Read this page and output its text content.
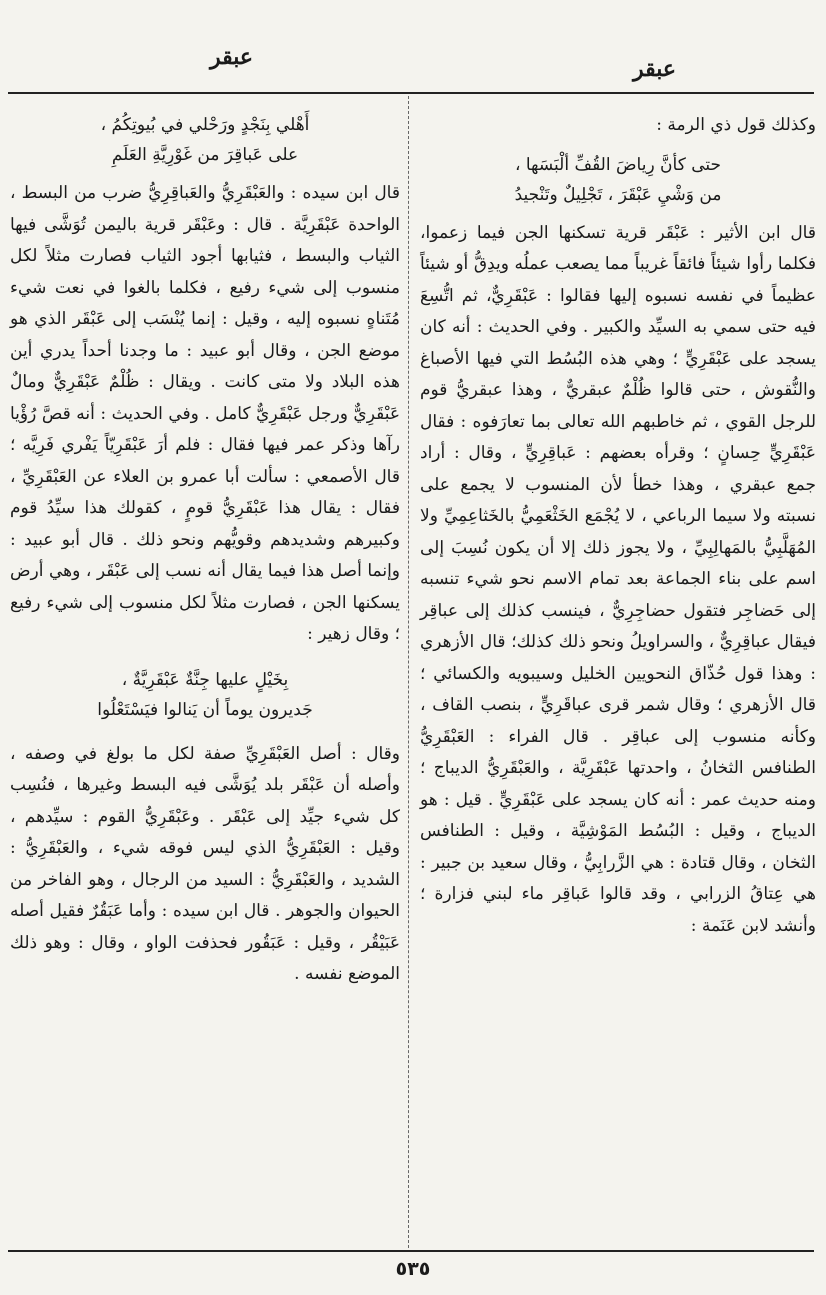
عبقر	عبقر

وكذلك قول ذي الرمة :

حتى كأنَّ رِياضَ القُفِّ ألْبَسَها ،
من وَشْيِ عَبْقَرَ ، تَجْلِيلٌ وتَنْجيدُ

قال ابن الأثير : عَبْقَر قرية تسكنها الجن فيما زعموا، فكلما رأوا شيئاً فائقاً غريباً مما يصعب عملُه ويدِقُّ أو شيئاً عظيماً في نفسه نسبوه إليها فقالوا : عَبْقَرِيٌّ، ثم اتُّسِعَ فيه حتى سمي به السيِّد والكبير . وفي الحديث : أنه كان يسجد على عَبْقَرِيٍّ ؛ وهي هذه البُسُط التي فيها الأصباغ والنُّقوش ، حتى قالوا ظُلْمٌ عبقريٌّ ، وهذا عبقريُّ قوم للرجل القوي ، ثم خاطبهم الله تعالى بما تعارَفوه : فقال عَبْقَرِيٍّ حِسانٍ ؛ وقرأه بعضهم : عَباقِرِيٍّ ، وقال : أراد جمع عبقري ، وهذا خطأ لأن المنسوب لا يجمع على نسبته ولا سيما الرباعي ، لا يُجْمَع الخَثْعَمِيُّ بالخَثاعِمِيِّ ولا المُهَلَّبِيُّ بالمَهالِبِيِّ ، ولا يجوز ذلك إلا أن يكون نُسِبَ إلى اسم على بناء الجماعة بعد تمام الاسم نحو شيء تنسبه إلى حَضاجِر فتقول حضاجِرِيٌّ ، فينسب كذلك إلى عباقِر فيقال عباقِرِيٌّ ، والسراويلُ ونحو ذلك كذلك؛ قال الأزهري : وهذا قول حُذّاق النحويين الخليل وسيبويه والكسائي ؛ قال الأزهري ؛ وقال شمر قرى عباقَرِيٍّ ، بنصب القاف ، وكأنه منسوب إلى عباقِر . قال الفراء : العَبْقَرِيُّ الطنافس الثخانُ ، واحدتها عَبْقَرِيَّة ، والعَبْقَرِيُّ الديباج ؛ ومنه حديث عمر : أنه كان يسجد على عَبْقَرِيٍّ . قيل : هو الديباج ، وقيل : البُسُط المَوْشِيَّة ، وقيل : الطنافس الثخان ، وقال قتادة : هي الزَّرابِيُّ ، وقال سعيد بن جبير : هي عِتاقُ الزرابي ، وقد قالوا عَباقِر ماء لبني فزارة ؛ وأنشد لابن عَنَمة :

أَهْلي بِنَجْدٍ ورَحْلي في بُيوتِكُمُ ،
على عَباقِرَ من غَوْرِيَّةِ العَلَمِ

قال ابن سيده : والعَبْقَرِيُّ والعَباقِرِيُّ ضرب من البسط ، الواحدة عَبْقَرِيَّة . قال : وعَبْقَر قرية باليمن تُوَشَّى فيها الثياب والبسط ، فثيابها أجود الثياب فصارت مثلاً لكل منسوب إلى شيء رفيع ، فكلما بالغوا في نعت شيء مُتَناهٍ نسبوه إليه ، وقيل : إنما يُنْسَب إلى عَبْقَر الذي هو موضع الجن ، وقال أبو عبيد : ما وجدنا أحداً يدري أين هذه البلاد ولا متى كانت . ويقال : ظُلْمٌ عَبْقَرِيٌّ ومالٌ عَبْقَرِيٌّ ورجل عَبْقَرِيٌّ كامل . وفي الحديث : أنه قصَّ رُؤْيا رآها وذكر عمر فيها فقال : فلم أرَ عَبْقَرِيّاً يَفْري فَرِيَّه ؛ قال الأصمعي : سألت أبا عمرو بن العلاء عن العَبْقَرِيِّ ، فقال : يقال هذا عَبْقَرِيُّ قومٍ ، كقولك هذا سيِّدُ قوم وكبيرهم وشديدهم وقويُّهم ونحو ذلك . قال أبو عبيد : وإنما أصل هذا فيما يقال أنه نسب إلى عَبْقَر ، وهي أرض يسكنها الجن ، فصارت مثلاً لكل منسوب إلى شيء رفيع ؛ وقال زهير :

بِخَيْلٍ عليها جِنَّةٌ عَبْقَرِيَّةٌ ،
جَديرون يوماً أن يَنالوا فيَسْتَعْلُوا

وقال : أصل العَبْقَرِيِّ صفة لكل ما بولغ في وصفه ، وأصله أن عَبْقَر بلد يُوَشَّى فيه البسط وغيرها ، فنُسِب كل شيء جيِّد إلى عَبْقَر . وعَبْقَرِيُّ القوم : سيِّدهم ، وقيل : العَبْقَرِيُّ الذي ليس فوقه شيء ، والعَبْقَرِيُّ : الشديد ، والعَبْقَرِيُّ : السيد من الرجال ، وهو الفاخر من الحيوان والجوهر . قال ابن سيده : وأما عَبَقُرٌ فقيل أصله عَبَيْقُر ، وقيل : عَبَقُور فحذفت الواو ، وقال : وهو ذلك الموضع نفسه .

٥٣٥
